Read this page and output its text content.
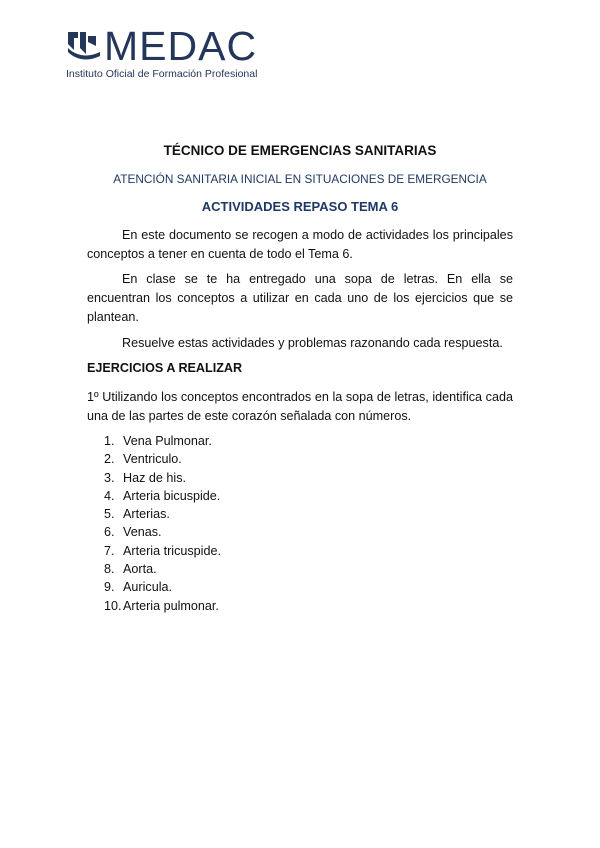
MEDAC
Instituto Oficial de Formación Profesional
TÉCNICO DE EMERGENCIAS SANITARIAS
ATENCIÓN SANITARIA INICIAL EN SITUACIONES DE EMERGENCIA
ACTIVIDADES REPASO TEMA 6
En este documento se recogen a modo de actividades los principales conceptos a tener en cuenta de todo el Tema 6.
En clase se te ha entregado una sopa de letras. En ella se encuentran los conceptos a utilizar en cada uno de los ejercicios que se plantean.
Resuelve estas actividades y problemas razonando cada respuesta.
EJERCICIOS A REALIZAR
1º Utilizando los conceptos encontrados en la sopa de letras, identifica cada una de las partes de este corazón señalada con números.
1. Vena Pulmonar.
2. Ventriculo.
3. Haz de his.
4. Arteria bicuspide.
5. Arterias.
6. Venas.
7. Arteria tricuspide.
8. Aorta.
9. Auricula.
10. Arteria pulmonar.
